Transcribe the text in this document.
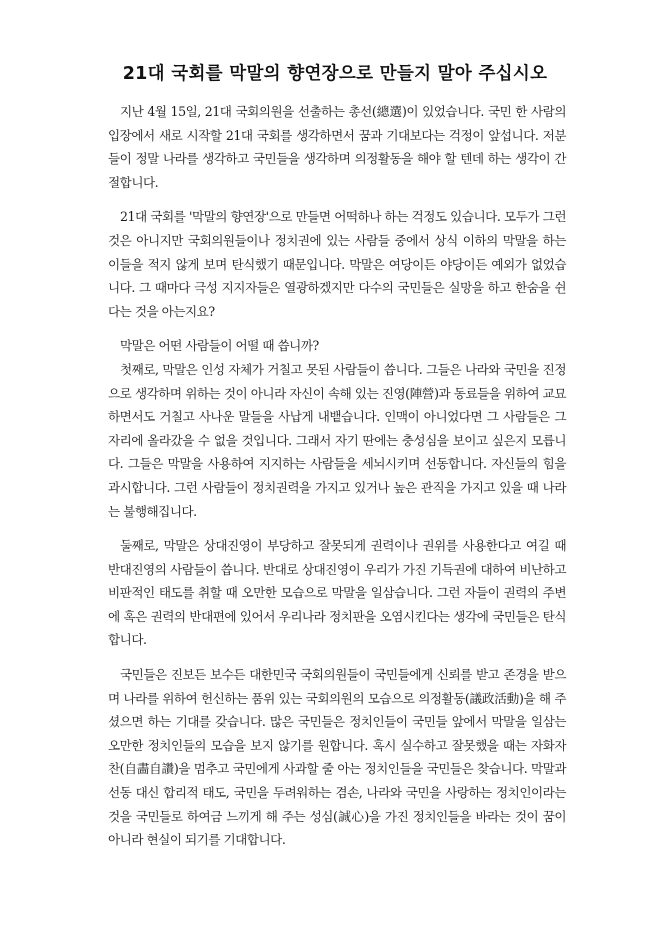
21대 국회를 막말의 향연장으로 만들지 말아 주십시오

지난 4월 15일, 21대 국회의원을 선출하는 총선(總選)이 있었습니다. 국민 한 사람의 입장에서 새로 시작할 21대 국회를 생각하면서 꿈과 기대보다는 걱정이 앞섭니다. 저분들이 정말 나라를 생각하고 국민들을 생각하며 의정활동을 해야 할 텐데 하는 생각이 간절합니다.

21대 국회를 '막말의 향연장'으로 만들면 어떡하나 하는 걱정도 있습니다. 모두가 그런 것은 아니지만 국회의원들이나 정치권에 있는 사람들 중에서 상식 이하의 막말을 하는 이들을 적지 않게 보며 탄식했기 때문입니다. 막말은 여당이든 야당이든 예외가 없었습니다. 그 때마다 극성 지지자들은 열광하겠지만 다수의 국민들은 실망을 하고 한숨을 쉰다는 것을 아는지요?

막말은 어떤 사람들이 어떨 때 씁니까?

첫째로, 막말은 인성 자체가 거칠고 못된 사람들이 씁니다. 그들은 나라와 국민을 진정으로 생각하며 위하는 것이 아니라 자신이 속해 있는 진영(陣營)과 동료들을 위하여 교묘하면서도 거칠고 사나운 말들을 사납게 내뱉습니다. 인맥이 아니었다면 그 사람들은 그 자리에 올라갔을 수 없을 것입니다. 그래서 자기 딴에는 충성심을 보이고 싶은지 모릅니다. 그들은 막말을 사용하여 지지하는 사람들을 세뇌시키며 선동합니다. 자신들의 힘을 과시합니다. 그런 사람들이 정치권력을 가지고 있거나 높은 관직을 가지고 있을 때 나라는 불행해집니다.

둘째로, 막말은 상대진영이 부당하고 잘못되게 권력이나 권위를 사용한다고 여길 때 반대진영의 사람들이 씁니다. 반대로 상대진영이 우리가 가진 기득권에 대하여 비난하고 비판적인 태도를 취할 때 오만한 모습으로 막말을 일삼습니다. 그런 자들이 권력의 주변에 혹은 권력의 반대편에 있어서 우리나라 정치판을 오염시킨다는 생각에 국민들은 탄식합니다.

국민들은 진보든 보수든 대한민국 국회의원들이 국민들에게 신뢰를 받고 존경을 받으며 나라를 위하여 헌신하는 품위 있는 국회의원의 모습으로 의정활동(議政活動)을 해 주셨으면 하는 기대를 갖습니다. 많은 국민들은 정치인들이 국민들 앞에서 막말을 일삼는 오만한 정치인들의 모습을 보지 않기를 원합니다. 혹시 실수하고 잘못했을 때는 자화자찬(自畵自讚)을 멈추고 국민에게 사과할 줄 아는 정치인들을 국민들은 찾습니다. 막말과 선동 대신 합리적 태도, 국민을 두려워하는 겸손, 나라와 국민을 사랑하는 정치인이라는 것을 국민들로 하여금 느끼게 해 주는 성심(誠心)을 가진 정치인들을 바라는 것이 꿈이 아니라 현실이 되기를 기대합니다.
